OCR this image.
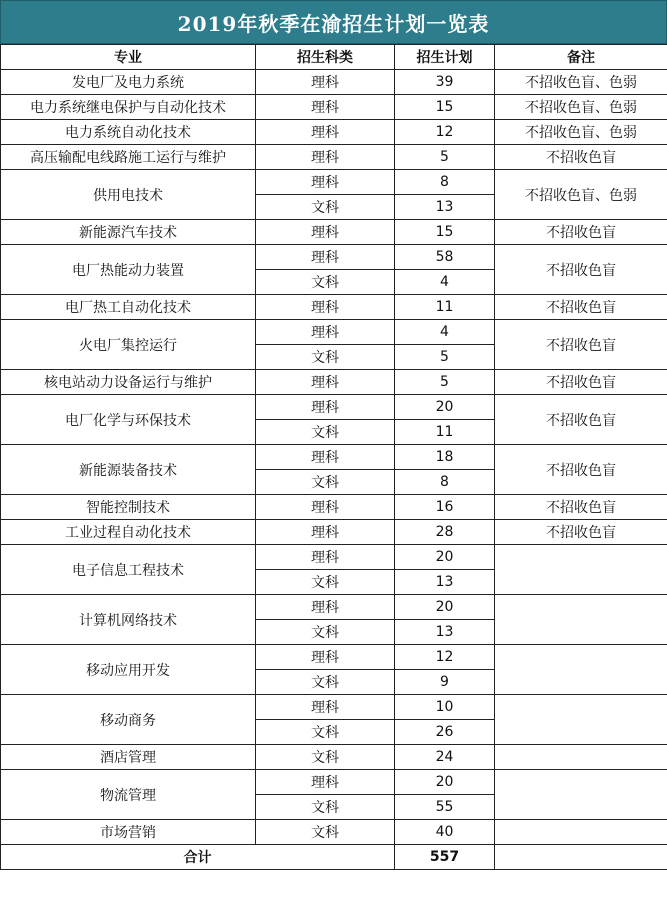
2019年秋季在渝招生计划一览表
专业	招生科类	招生计划	备注
发电厂及电力系统	理科	39	不招收色盲、色弱
电力系统继电保护与自动化技术	理科	15	不招收色盲、色弱
电力系统自动化技术	理科	12	不招收色盲、色弱
高压输配电线路施工运行与维护	理科	5	不招收色盲
供用电技术	理科	8	不招收色盲、色弱
	文科	13	
新能源汽车技术	理科	15	不招收色盲
电厂热能动力装置	理科	58	不招收色盲
	文科	4	
电厂热工自动化技术	理科	11	不招收色盲
火电厂集控运行	理科	4	不招收色盲
	文科	5	
核电站动力设备运行与维护	理科	5	不招收色盲
电厂化学与环保技术	理科	20	不招收色盲
	文科	11	
新能源装备技术	理科	18	不招收色盲
	文科	8	
智能控制技术	理科	16	不招收色盲
工业过程自动化技术	理科	28	不招收色盲
电子信息工程技术	理科	20	
	文科	13	
计算机网络技术	理科	20	
	文科	13	
移动应用开发	理科	12	
	文科	9	
移动商务	理科	10	
	文科	26	
酒店管理	文科	24	
物流管理	理科	20	
	文科	55	
市场营销	文科	40	
合计		557	
